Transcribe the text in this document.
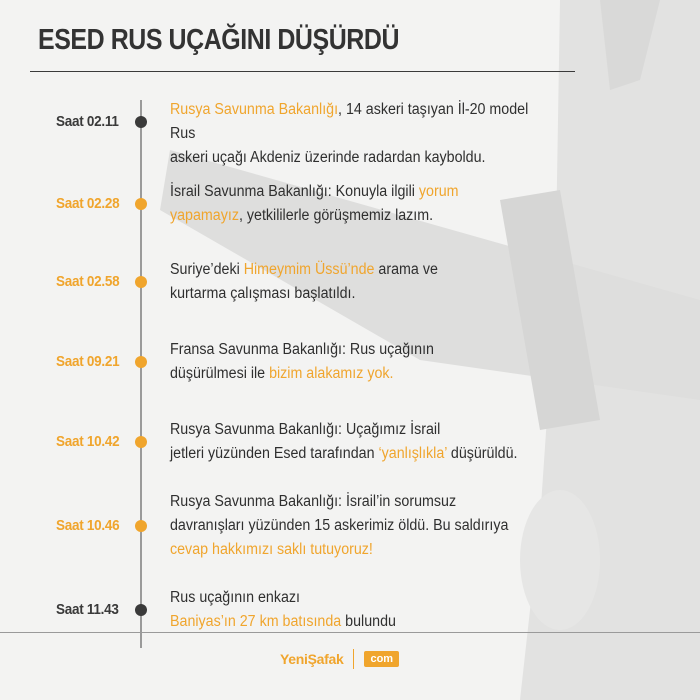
ESED RUS UÇAĞINI DÜŞÜRDÜ
Saat 02.11
Rusya Savunma Bakanlığı, 14 askeri taşıyan İl-20 model Rus
askeri uçağı Akdeniz üzerinde radardan kayboldu.
Saat 02.28
İsrail Savunma Bakanlığı: Konuyla ilgili yorum
yapamayız, yetkililerle görüşmemiz lazım.
Saat 02.58
Suriye’deki Himeymim Üssü’nde arama ve
kurtarma çalışması başlatıldı.
Saat 09.21
Fransa Savunma Bakanlığı: Rus uçağının
düşürülmesi ile bizim alakamız yok.
Saat 10.42
Rusya Savunma Bakanlığı: Uçağımız İsrail
jetleri yüzünden Esed tarafından ‘yanlışlıkla’ düşürüldü.
Saat 10.46
Rusya Savunma Bakanlığı: İsrail’in sorumsuz
davranışları yüzünden 15 askerimiz öldü. Bu saldırıya
cevap hakkımızı saklı tutuyoruz!
Saat 11.43
Rus uçağının enkazı
Baniyas’ın 27 km batısında bulundu
YeniŞafak	com
